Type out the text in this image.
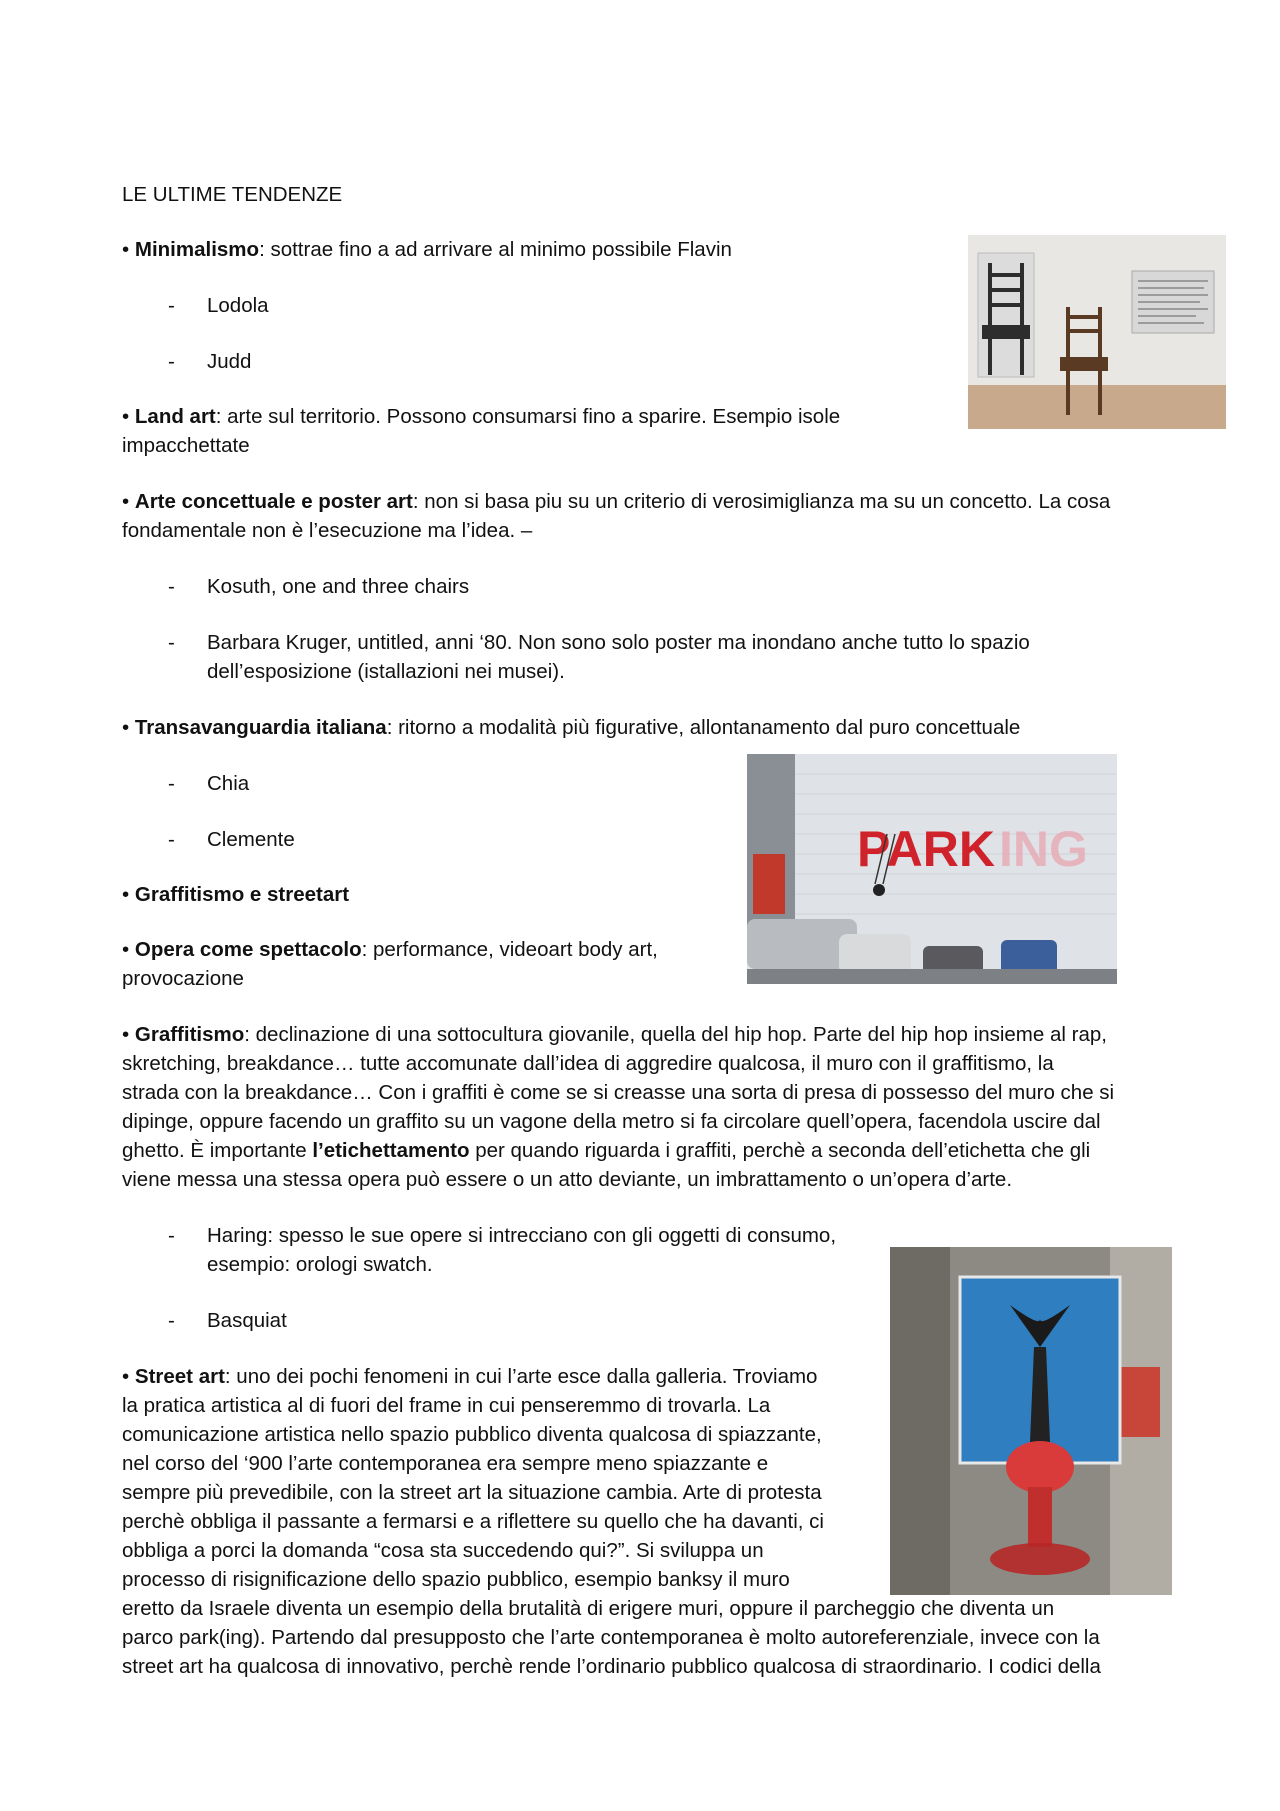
LE ULTIME TENDENZE
• Minimalismo: sottrae fino a ad arrivare al minimo possibile Flavin
- Lodola
- Judd
• Land art: arte sul territorio. Possono consumarsi fino a sparire. Esempio isole
impacchettate
• Arte concettuale e poster art: non si basa piu su un criterio di verosimiglianza ma su un concetto. La cosa
fondamentale non è l’esecuzione ma l’idea. –
- Kosuth, one and three chairs
- Barbara Kruger, untitled, anni ‘80. Non sono solo poster ma inondano anche tutto lo spazio
dell’esposizione (istallazioni nei musei).
• Transavanguardia italiana: ritorno a modalità più figurative, allontanamento dal puro concettuale
- Chia
- Clemente
• Graffitismo e streetart
• Opera come spettacolo: performance, videoart body art,
provocazione
• Graffitismo: declinazione di una sottocultura giovanile, quella del hip hop. Parte del hip hop insieme al rap,
skretching, breakdance… tutte accomunate dall’idea di aggredire qualcosa, il muro con il graffitismo, la
strada con la breakdance… Con i graffiti è come se si creasse una sorta di presa di possesso del muro che si
dipinge, oppure facendo un graffito su un vagone della metro si fa circolare quell’opera, facendola uscire dal
ghetto. È importante l’etichettamento per quando riguarda i graffiti, perchè a seconda dell’etichetta che gli
viene messa una stessa opera può essere o un atto deviante, un imbrattamento o un’opera d’arte.
- Haring: spesso le sue opere si intrecciano con gli oggetti di consumo,
esempio: orologi swatch.
- Basquiat
• Street art: uno dei pochi fenomeni in cui l’arte esce dalla galleria. Troviamo
la pratica artistica al di fuori del frame in cui penseremmo di trovarla. La
comunicazione artistica nello spazio pubblico diventa qualcosa di spiazzante,
nel corso del ‘900 l’arte contemporanea era sempre meno spiazzante e
sempre più prevedibile, con la street art la situazione cambia. Arte di protesta
perchè obbliga il passante a fermarsi e a riflettere su quello che ha davanti, ci
obbliga a porci la domanda “cosa sta succedendo qui?”. Si sviluppa un
processo di risignificazione dello spazio pubblico, esempio banksy il muro
eretto da Israele diventa un esempio della brutalità di erigere muri, oppure il parcheggio che diventa un
parco park(ing). Partendo dal presupposto che l’arte contemporanea è molto autoreferenziale, invece con la
street art ha qualcosa di innovativo, perchè rende l’ordinario pubblico qualcosa di straordinario. I codici della
PARK ING
